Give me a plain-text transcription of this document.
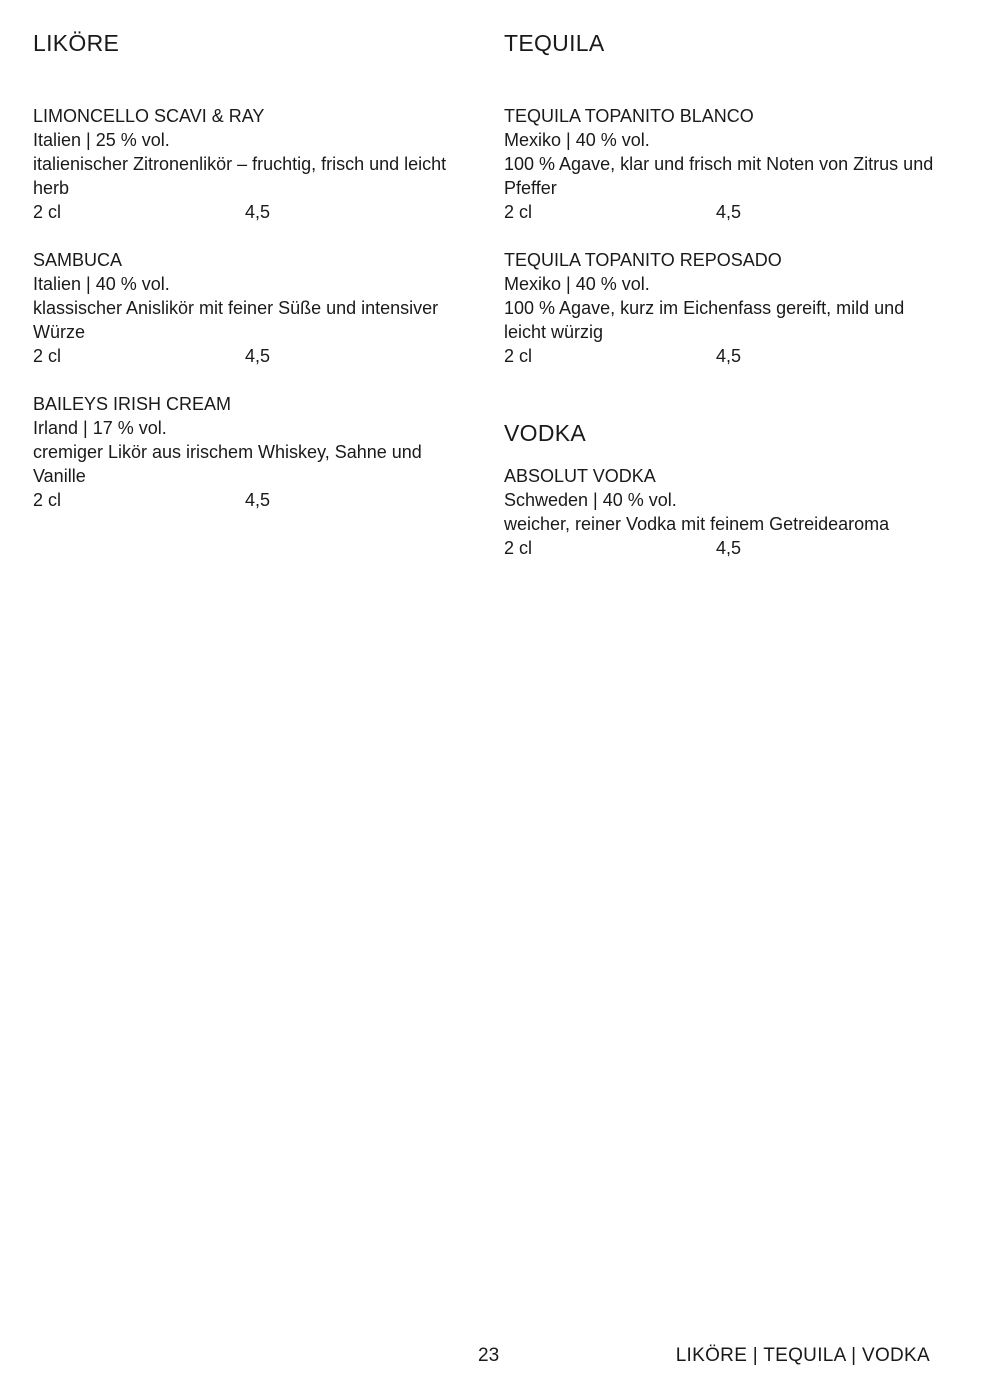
LIKÖRE

LIMONCELLO SCAVI & RAY

Italien | 25 % vol.

italienischer Zitronenlikör – fruchtig, frisch und leicht herb

2 cl	4,5

SAMBUCA

Italien | 40 % vol.

klassischer Anislikör mit feiner Süße und intensiver Würze

2 cl	4,5

BAILEYS IRISH CREAM

Irland | 17 % vol.

cremiger Likör aus irischem Whiskey, Sahne und Vanille

2 cl	4,5
TEQUILA

TEQUILA TOPANITO BLANCO

Mexiko | 40 % vol.

100 % Agave, klar und frisch mit Noten von Zitrus und Pfeffer

2 cl	4,5

TEQUILA TOPANITO REPOSADO

Mexiko | 40 % vol.

100 % Agave, kurz im Eichenfass gereift, mild und leicht würzig

2 cl	4,5
VODKA

ABSOLUT VODKA

Schweden | 40 % vol.

weicher, reiner Vodka mit feinem Getreidearoma

2 cl	4,5
23	LIKÖRE | TEQUILA | VODKA
